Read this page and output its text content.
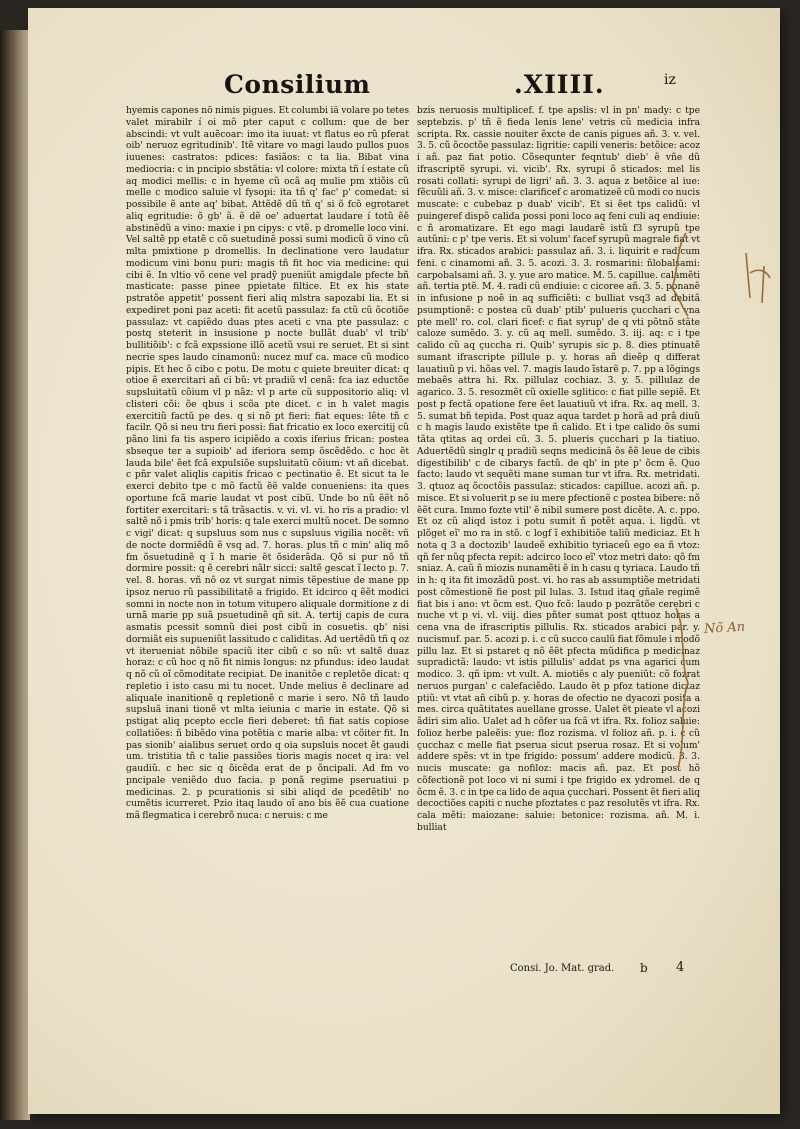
Consilium	.XIIII.	iz
hyemis capones nõ nimis pigues. Et columbi iã volare po tetes valet mirabilr í oi mõ pter caput c collum: que de ber abscindi: vt vult auẽcoar: imo ita iuuat: vt flatus eo rũ pferat oib' neruoz egritudinib'. Itẽ vitare vo magi laudo pullos puos iuuenes: castratos: pdices: fasiãos: c ta lia. Bibat vina mediocria: c in pncipio sbstãtia: vl colore: mixta tñ í estate cũ aq modici mellis: c in hyeme cũ ocã aq mulie pm xtiõis cũ melle c modico saluie vl fysopi: ita tñ q' fac' p' comedat: si possibile ẽ ante aq' bibat. Attẽdẽ dũ tñ q' si õ fcõ egrotaret aliq egritudie: õ gb' ã. ẽ dẽ oe' aduertat laudare í totũ ẽẽ abstinẽdũ a vino: maxie i pn cipys: c vtẽ. p dromelle loco vini. Vel saltẽ pp etatẽ c cõ suetudinẽ possi sumi modicũ õ vino cũ mlta pmixtione p dromellis. In declinatione vero laudatur modicum vini bonu puri: magis tñ fit hoc via medicine: qui cibi ẽ. In vltio võ cene vel pradỹ pueniũt amigdale pfecte bñ masticate: passe pinee ppietate filtice. Et ex his state pstratõe appetit' possent fieri aliq mlstra sapozabi lia. Et si expediret poni paz aceti: fit acetũ passulaz: fa ctũ cũ õcotiõe passulaz: vt capiẽdo duas ptes aceti c vna pte passulaz: c postq steterit in insusione p nocte bullãt duab' vl trib' bullitiõib': c fcã expssione illõ acetũ vsui re seruet. Et si sint necrie spes laudo cinamonũ: nucez muf ca. mace cũ modico pipis. Et hec õ cibo c potu. De motu c quiete breuiter dicat: q otioe ẽ exercitari añ ci bũ: vt pradiũ vl cenã: fca iaz eductõe supsluitatũ cõium vl p nãz: vl p arte cũ suppositorio aliq: vl clisteri cõi: õe qbus i scõa pte dicet. c in h valet magis exercitiũ factũ pe des. q si nõ pt fieri: fiat eques: lẽte tñ c facilr. Qõ si neu tru fieri possi: fiat fricatio ex loco exercitij cũ pãno lini fa tis aspero icipiẽdo a coxis iferius frican: postea sbseque ter a supioib' ad iferiora semp õscẽdẽdo. c hoc ẽt lauda bile' ẽet fcã expulsiõe supsluitatũ cõium: vt añ dicebat. c pñr valet aliqlis capitis fricao c pectinatio ẽ. Et sicut ta le exerci debito tpe c mõ factũ ẽẽ valde conueniens: ita ques oportune fcã marie laudat vt post cibũ. Unde bo nũ ẽẽt nõ fortiter exercitari: s tã trãsactis. v. vi. vl. vi. ho ris a pradio: vl saltẽ nõ i pmis trib' horis: q tale exerci multũ nocet. De somno c vigi' dicat: q supsluus som nus c supsluus vigilia nocẽt: vñ de nocte dormiẽdũ ẽ vsq ad. 7. horas. plus tñ c min' aliq mõ fm õsuetudinẽ q ĩ h marie ẽt õsiderãda. Qõ si pur nõ tñ dormire possit: q ẽ cerebri nãlr sicci: saltẽ gescat ĩ lecto p. 7. vel. 8. horas. vñ nõ oz vt surgat nimis tẽpestiue de mane pp ipsoz neruo rũ passibilitatẽ a frigido. Et idcirco q ẽẽt modici somni in nocte non in totum vitupero aliquale dormitione z di urnã marie pp suã psuetudinẽ qñ sit. A. tertij capis de cura asmatis pcessit somnũ diei post cibũ in cosuetis. qb' nisi dormiãt eis supueniũt lassitudo c caliditas. Ad uertẽdũ tñ q oz vt iterueniat nõbile spaciũ iter cibũ c so nũ: vt saltẽ duaz horaz: c cũ hoc q nõ fit nimis longus: nz pfundus: ideo laudat q nõ cũ oĩ cõmoditate recipiat. De inanitõe c repletõe dicat: q repletio i isto casu mi tu nocet. Unde melius ẽ declinare ad aliquale inanitionẽ q repletionẽ c marie i sero. Nõ tñ laudo supsluã inani tionẽ vt mlta ieiunia c marie in estate. Qõ si pstigat aliq pcepto eccle fieri deberet: tñ fiat satis copiose collatiões: ñ bibẽdo vina potẽtia c marie alba: vt cõiter fit. In pas sionib' aialibus seruet ordo q oia supsluis nocet ẽt gaudi um. tristitia tñ c talie passiões tioris magis nocet q ira: vel gaudiũ. c hec sic q õicẽda erat de p õncipali. Ad fm vo pncipale veniẽdo duo facia. p ponã regime pseruatiui p medicinas. 2. p pcurationis si sibi aliqd de pcedẽtib' no cumẽtis icurreret. Pzio itaq laudo oĩ ano bis ẽẽ cua cuatione mã flegmatica i cerebrõ nuca: c neruis: c me
bzis neruosis multiplicef. f. tpe apslis: vl in pn' mady: c tpe septebzis. p' tñ ẽ fieda lenis lene' vetris cũ medicia infra scripta. Rx. cassie nouiter ẽxcte de canis pigues añ. 3. v. vel. 3. 5. cũ õcoctõe passulaz: ligritie: capili veneris: betõice: acoz i añ. paz fiat potio. Cõsequnter feqntub' dieb' ẽ vñe dũ ifrascriptẽ syrupi. vi. vicib'. Rx. syrupi õ sticados: mel lis rosati collati: syrupi de ligri' añ. 3. 3. aqua z betõice al iue: fẽcuũli añ. 3. v. misce: clarificef c aromatizeẽ cũ modi co nucis muscate: c cubebaz p duab' vicib'. Et si ẽet tps calidũ: vl puingeref dispõ calida possi poni loco aq feni culi aq endiuie: c ñ aromatizare. Et ego magi laudarẽ istũ f3 syrupũ tpe autũni: c p' tpe veris. Et si volum' facef syrupũ magrale fiat vt ifra. Rx. sticados arabici: passulaz añ. 3. i. liquirit e radicum feni. c cinamomi añ. 3. 5. acozi. 3. 3. rosmarini: ñlobalsami: carpobalsami añ. 3. y. yue aro matice. M. 5. capillue. calamẽti añ. tertia ptẽ. M. 4. radi cũ endiuie: c cicoree añ. 3. 5. ponanẽ in infusione p noẽ in aq sufficiẽti: c bulliat vsq3 ad debitã psumptionẽ: c postea cũ duab' ptib' pulueris çucchari c vna pte mell' ro. col. clari ficef: c fiat syrup' de q vti põtnõ stãte caloze sumẽdo. 3. y. cũ aq mell. sumẽdo. 3. iij. aq: c i tpe calido cũ aq çuccha ri. Quib' syrupis sic p. 8. dies ptinuatẽ sumant ifrascripte pillule p. y. horas añ dieẽp q differat lauatiuũ p vi. hõas vel. 7. magis laudo ĩstarẽ p. 7. pp a lõgings mebaẽs attra hi. Rx. pillulaz cochiaz. 3. y. 5. pillulaz de agarico. 3. 5. resozmẽt cũ oxielle sglitico: c fiat pille sepiẽ. Et post p fectã opatione fere ẽet lauatiuũ vt ifra. Rx. aq mell. 3. 5. sumat bñ tepida. Post quaz aqua tardet p horã ad prã diuũ c h magis laudo existẽte tpe ñ calido. Et i tpe calido õs sumi tãta qtitas aq ordei cũ. 3. 5. plueris çucchari p la tiatiuo. Aduertẽdũ singlr q pradiũ seqns medicinã õs ẽẽ leue de cibis digestibilib' c de cibarys factũ. de qb' in pte p' õcm ẽ. Quo facto: laudo vt sequẽti mane suman tur vt ifra. Rx. metridati. 3. qtuoz aq õcoctõis passulaz: sticados: capillue. acozi añ. p. misce. Et si voluerit p se iu mere pfectionẽ c postea bibere: nõ ẽẽt cura. Immo fozte vtil' ẽ nibil sumere post dicẽte. A. c. ppo. Et oz cũ aliqd istoz i potu sumit ñ potẽt aqua. i. ligdũ. vt plõget eĩ' mo ra in stõ. c logf ĩ exhibitiõe taliũ mediciaz. Et h nota q 3 a doctozib' laudeẽ exhibitio tyriaceũ ego ea ñ vtoz: qñ fer nũq pfecta repit: adcirco loco eĩ' vtoz metri dato: qõ fm sniaz. A. caũ ñ miozis nunamẽti ẽ in h casu q tyriaca. Laudo tñ in h: q ita fit imozãdũ post. vi. ho ras ab assumptiõe metridati post cõmestionẽ fie post pil lulas. 3. Istud itaq gñale regimẽ fiat bis i ano: vt õcm est. Quo fcõ: laudo p pozrãtõe cerebri c nuche vt p vi. vl. viij. dies pñter sumat post qttuoz horas a cena vna de ifrascriptis pillulis. Rx. sticados arabici par. y. nucismuf. par. 5. acozi p. i. c cũ succo caulũ fiat fõmule i modõ pillu laz. Et si pstaret q nõ ẽẽt pfecta mũdifica p medicinaz supradictã: laudo: vt istis pillulis' addat ps vna agarici cum modico. 3. qñ ipm: vt vult. A. miotiẽs c aly pueniũt: cõ fozrat neruos purgan' c calefaciẽdo. Laudo ẽt p pfoz tatione dictaz ptiũ: vt vtat añ cibũ p. y. horas de ofectio ne dyacozi posita a mes. circa quãtitates auellane grosse. Ualet ẽt pieate vl acozi ãdiri sim alio. Ualet ad h cõfer ua fcã vt ifra. Rx. folioz saluie: folioz herbe paleẽis: yue: floz rozisma. vl folioz añ. p. i. c cũ çucchaz c melle fiat pserua sicut pserua rosaz. Et si volum' addere spẽs: vt in tpe frigido: possum' addere modicũ. 3. 3. nucis muscate: ga nofiloz: macis añ. paz. Et post hõ cõfectionẽ pot loco vi ni sumi i tpe frigido ex ydromel. de q õcm ẽ. 3. c in tpe ca lido de aqua çucchari. Possent ẽt fieri aliq decoctiões capiti c nuche pfoztates c paz resolutẽs vt ifra. Rx. cala mẽti: maiozane: saluie: betonice: rozisma. añ. M. i. bulliat
Consi. Jo. Mat. grad. b 4
Nõ An
